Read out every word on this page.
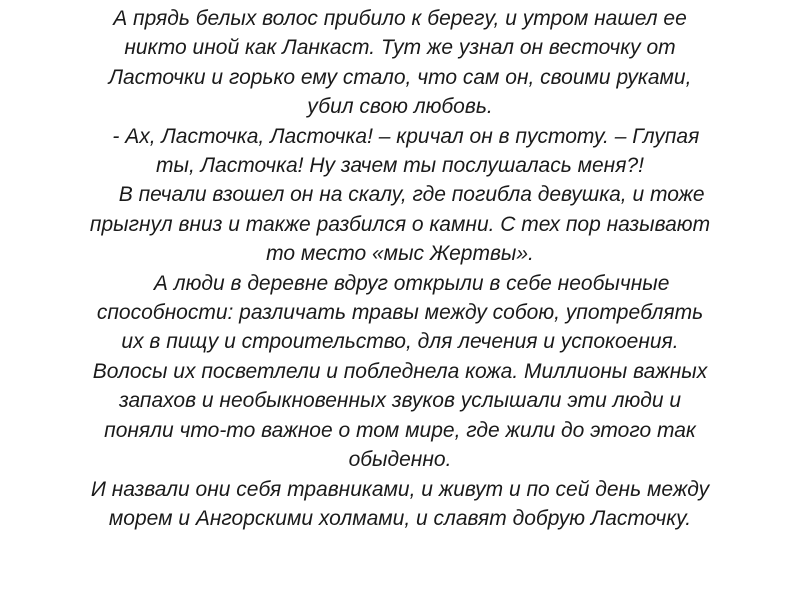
А прядь белых волос прибило к берегу, и утром нашел ее
никто иной как Ланкаст. Тут же узнал он весточку от
Ласточки и горько ему стало, что сам он, своими руками,
убил свою любовь.
- Ах, Ласточка, Ласточка! – кричал он в пустоту. – Глупая
ты, Ласточка! Ну зачем ты послушалась меня?!
В печали взошел он на скалу, где погибла девушка, и тоже
прыгнул вниз и также разбился о камни. С тех пор называют
то место «мыс Жертвы».
А люди в деревне вдруг открыли в себе необычные
способности: различать травы между собою, употреблять
их в пищу и строительство, для лечения и успокоения.
Волосы их посветлели и побледнела кожа. Миллионы важных
запахов и необыкновенных звуков услышали эти люди и
поняли что-то важное о том мире, где жили до этого так
обыденно.
И назвали они себя травниками, и живут и по сей день между
морем и Ангорскими холмами, и славят добрую Ласточку.
